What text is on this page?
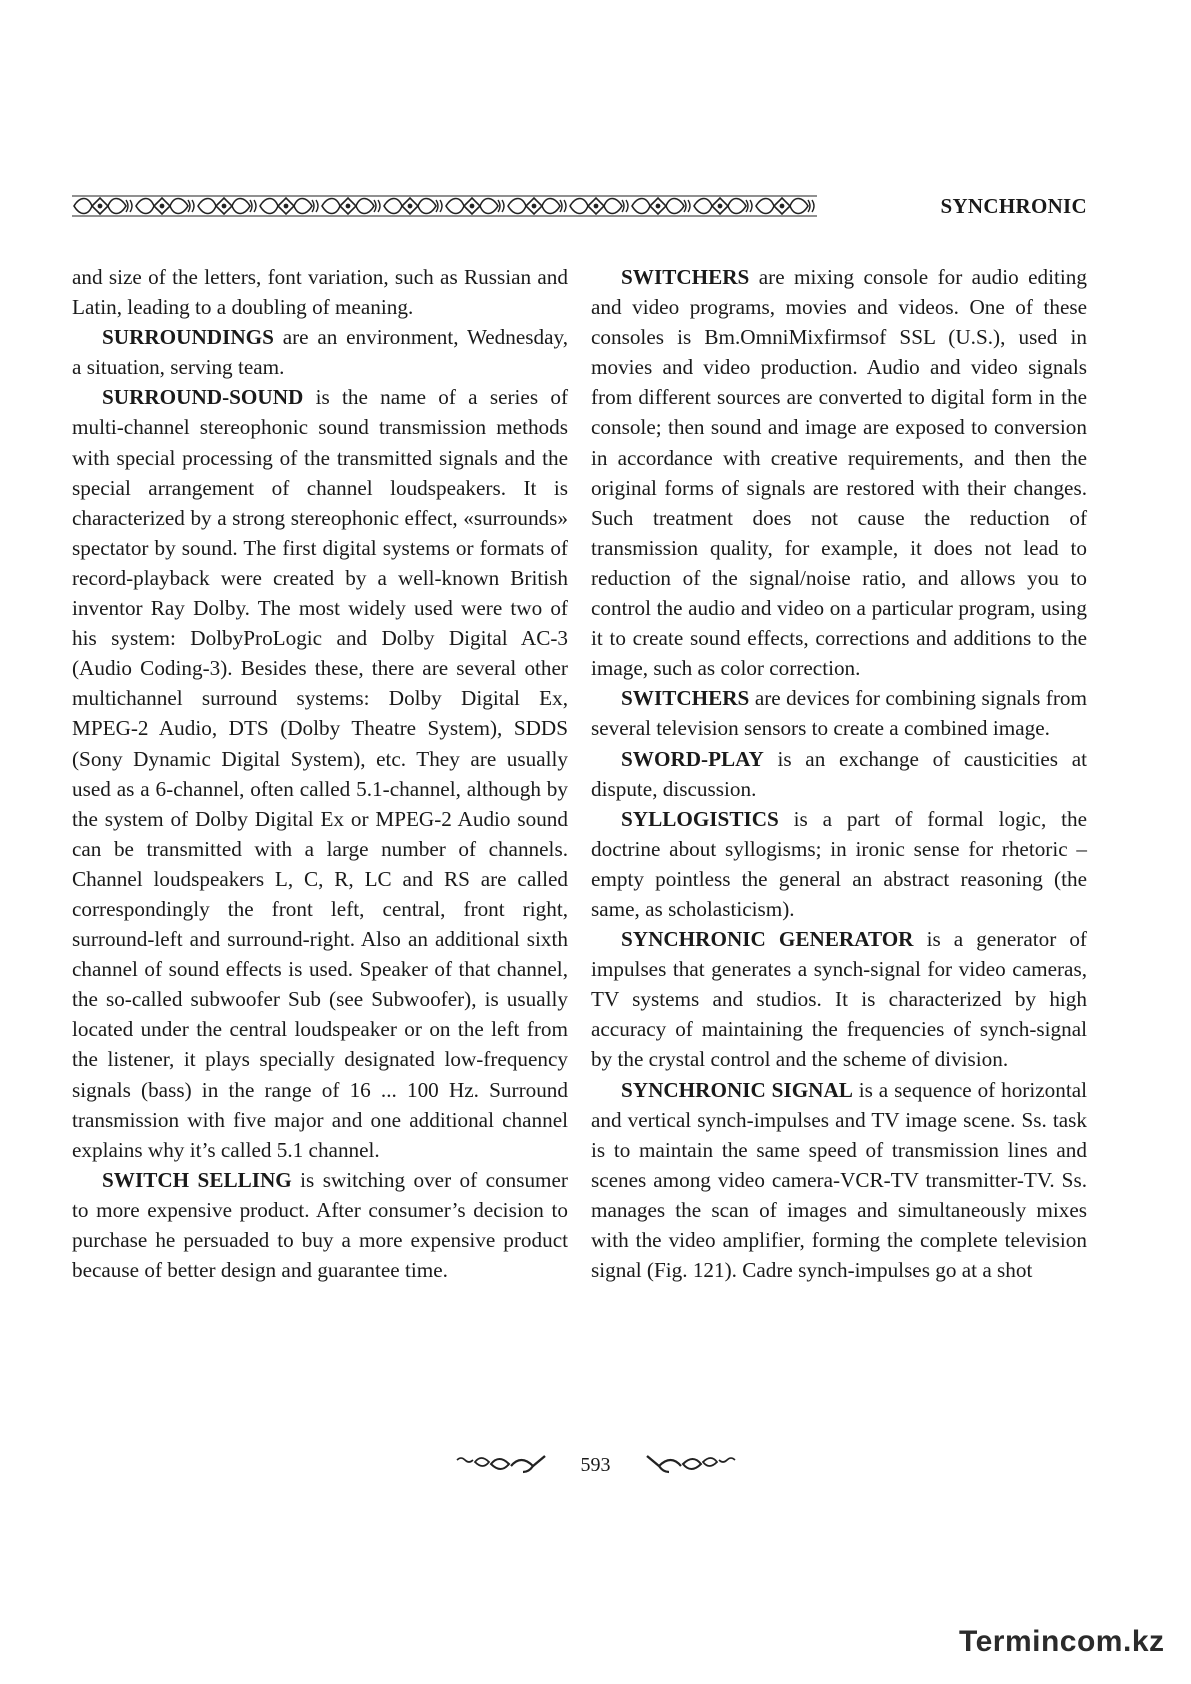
SYNCHRONIC

and size of the letters, font variation, such as Russian and Latin, leading to a doubling of meaning.

SURROUNDINGS are an environment, Wednesday, a situation, serving team.

SURROUND-SOUND is the name of a series of multi-channel stereophonic sound transmission methods with special processing of the transmitted signals and the special arrangement of channel loudspeakers. It is characterized by a strong stereophonic effect, «surrounds» spectator by sound. The first digital systems or formats of record-playback were created by a well-known British inventor Ray Dolby. The most widely used were two of his system: DolbyProLogic and Dolby Digital AC-3 (Audio Coding-3). Besides these, there are several other multichannel surround systems: Dolby Digital Ex, MPEG-2 Audio, DTS (Dolby Theatre System), SDDS (Sony Dynamic Digital System), etc. They are usually used as a 6-channel, often called 5.1-channel, although by the system of Dolby Digital Ex or MPEG-2 Audio sound can be transmitted with a large number of channels. Channel loudspeakers L, C, R, LC and RS are called correspondingly the front left, central, front right, surround-left and surround-right. Also an additional sixth channel of sound effects is used. Speaker of that channel, the so-called subwoofer Sub (see Subwoofer), is usually located under the central loudspeaker or on the left from the listener, it plays specially designated low-frequency signals (bass) in the range of 16 ... 100 Hz. Surround transmission with five major and one additional channel explains why it’s called 5.1 channel.

SWITCH SELLING is switching over of consumer to more expensive product. After consumer’s decision to purchase he persuaded to buy a more expensive product because of better design and guarantee time.

SWITCHERS are mixing console for audio editing and video programs, movies and videos. One of these consoles is Bm.OmniMixfirmsof SSL (U.S.), used in movies and video production. Audio and video signals from different sources are converted to digital form in the console; then sound and image are exposed to conversion in accordance with creative requirements, and then the original forms of signals are restored with their changes. Such treatment does not cause the reduction of transmission quality, for example, it does not lead to reduction of the signal/noise ratio, and allows you to control the audio and video on a particular program, using it to create sound effects, corrections and additions to the image, such as color correction.

SWITCHERS are devices for combining signals from several television sensors to create a combined image.

SWORD-PLAY is an exchange of causticities at dispute, discussion.

SYLLOGISTICS is a part of formal logic, the doctrine about syllogisms; in ironic sense for rhetoric – empty pointless the general an abstract reasoning (the same, as scholasticism).

SYNCHRONIC GENERATOR is a generator of impulses that generates a synch-signal for video cameras, TV systems and studios. It is characterized by high accuracy of maintaining the frequencies of synch-signal by the crystal control and the scheme of division.

SYNCHRONIC SIGNAL is a sequence of horizontal and vertical synch-impulses and TV image scene. Ss. task is to maintain the same speed of transmission lines and scenes among video camera-VCR-TV transmitter-TV. Ss. manages the scan of images and simultaneously mixes with the video amplifier, forming the complete television signal (Fig. 121). Cadre synch-impulses go at a shot

593
Termincom.kz
